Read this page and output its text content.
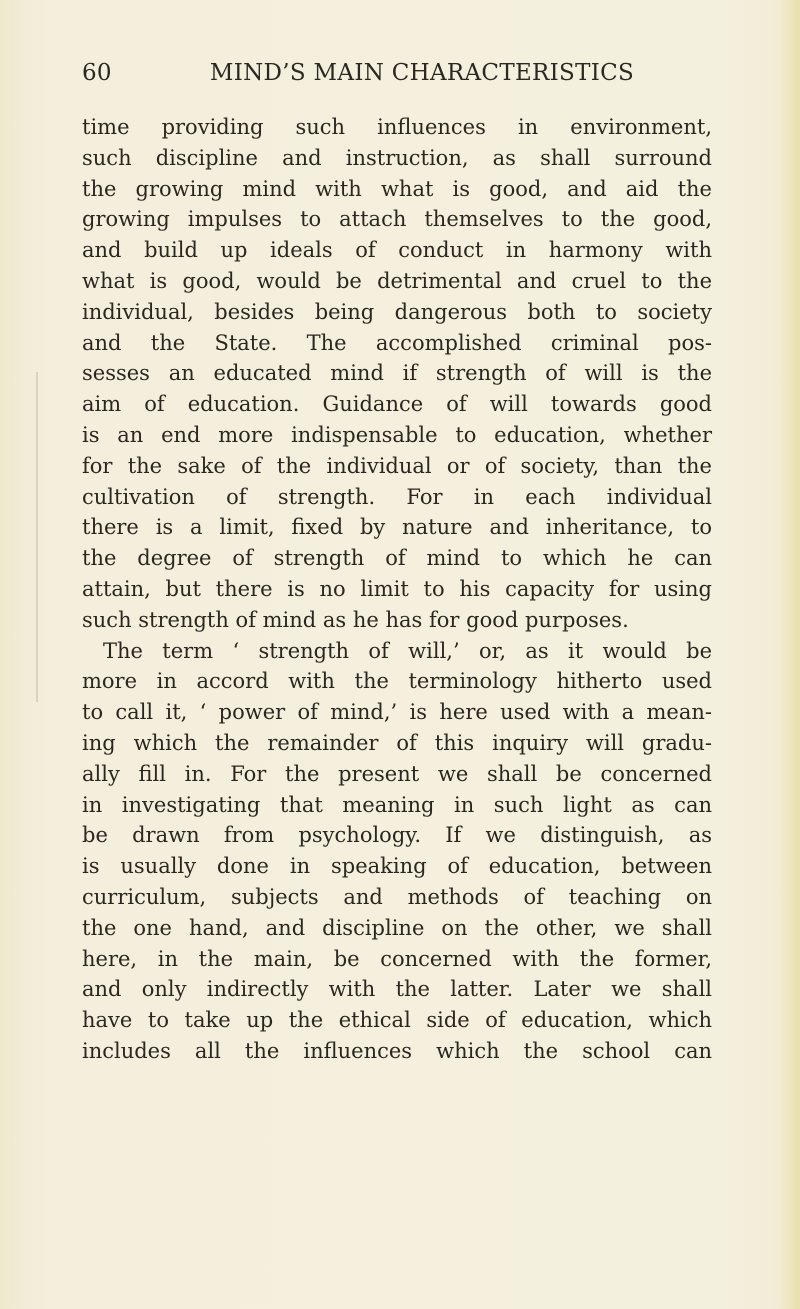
60	MIND’S MAIN CHARACTERISTICS
time providing such influences in environment,
such discipline and instruction, as shall surround
the growing mind with what is good, and aid the
growing impulses to attach themselves to the good,
and build up ideals of conduct in harmony with
what is good, would be detrimental and cruel to the
individual, besides being dangerous both to society
and the State. The accomplished criminal pos-
sesses an educated mind if strength of will is the
aim of education. Guidance of will towards good
is an end more indispensable to education, whether
for the sake of the individual or of society, than the
cultivation of strength. For in each individual
there is a limit, fixed by nature and inheritance, to
the degree of strength of mind to which he can
attain, but there is no limit to his capacity for using
such strength of mind as he has for good purposes.
The term ‘ strength of will,’ or, as it would be
more in accord with the terminology hitherto used
to call it, ‘ power of mind,’ is here used with a mean-
ing which the remainder of this inquiry will gradu-
ally fill in. For the present we shall be concerned
in investigating that meaning in such light as can
be drawn from psychology. If we distinguish, as
is usually done in speaking of education, between
curriculum, subjects and methods of teaching on
the one hand, and discipline on the other, we shall
here, in the main, be concerned with the former,
and only indirectly with the latter. Later we shall
have to take up the ethical side of education, which
includes all the influences which the school can
